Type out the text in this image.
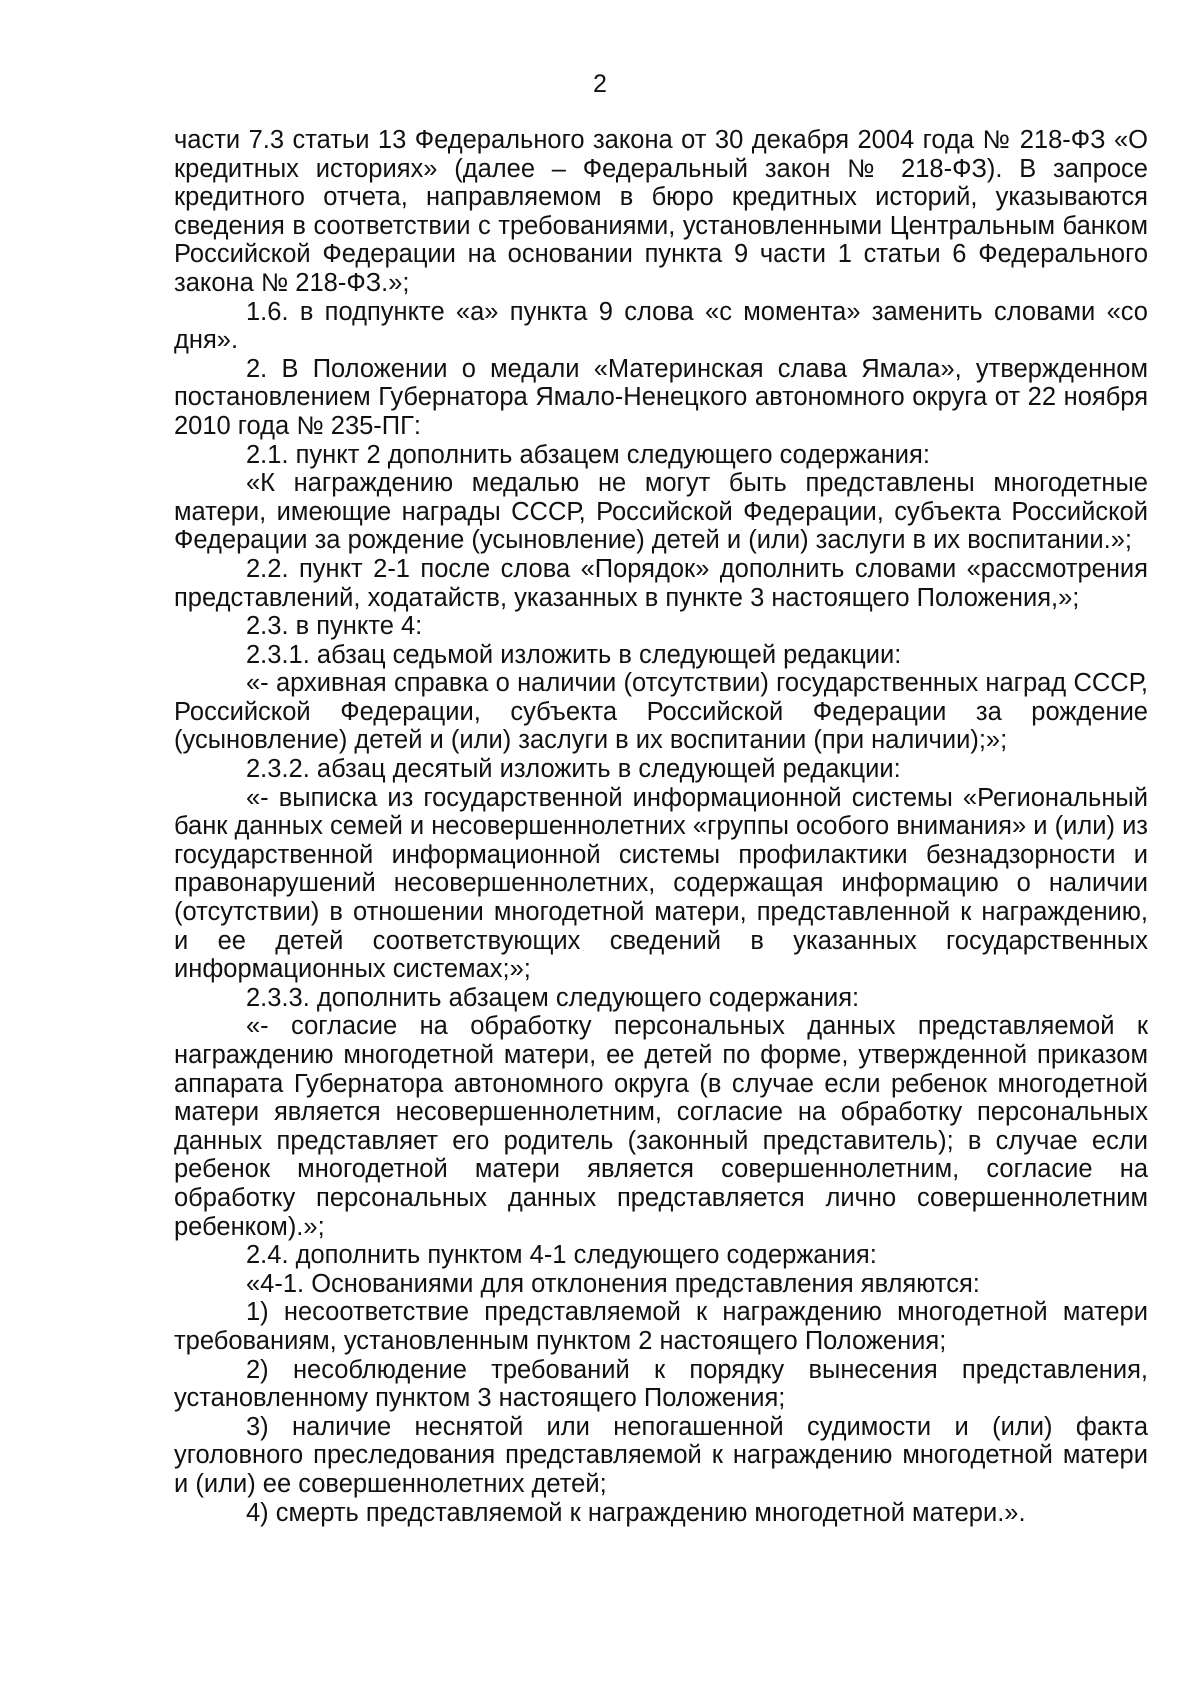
2

части 7.3 статьи 13 Федерального закона от 30 декабря 2004 года № 218-ФЗ «О кредитных историях» (далее – Федеральный закон № 218-ФЗ). В запросе кредитного отчета, направляемом в бюро кредитных историй, указываются сведения в соответствии с требованиями, установленными Центральным банком Российской Федерации на основании пункта 9 части 1 статьи 6 Федерального закона № 218-ФЗ.»;

1.6. в подпункте «а» пункта 9 слова «с момента» заменить словами «со дня».

2. В Положении о медали «Материнская слава Ямала», утвержденном постановлением Губернатора Ямало-Ненецкого автономного округа от 22 ноября 2010 года № 235-ПГ:

2.1. пункт 2 дополнить абзацем следующего содержания:

«К награждению медалью не могут быть представлены многодетные матери, имеющие награды СССР, Российской Федерации, субъекта Российской Федерации за рождение (усыновление) детей и (или) заслуги в их воспитании.»;

2.2. пункт 2-1 после слова «Порядок» дополнить словами «рассмотрения представлений, ходатайств, указанных в пункте 3 настоящего Положения,»;

2.3. в пункте 4:

2.3.1. абзац седьмой изложить в следующей редакции:

«- архивная справка о наличии (отсутствии) государственных наград СССР, Российской Федерации, субъекта Российской Федерации за рождение (усыновление) детей и (или) заслуги в их воспитании (при наличии);»;

2.3.2. абзац десятый изложить в следующей редакции:

«- выписка из государственной информационной системы «Региональный банк данных семей и несовершеннолетних «группы особого внимания» и (или) из государственной информационной системы профилактики безнадзорности и правонарушений несовершеннолетних, содержащая информацию о наличии (отсутствии) в отношении многодетной матери, представленной к награждению, и ее детей соответствующих сведений в указанных государственных информационных системах;»;

2.3.3. дополнить абзацем следующего содержания:

«- согласие на обработку персональных данных представляемой к награждению многодетной матери, ее детей по форме, утвержденной приказом аппарата Губернатора автономного округа (в случае если ребенок многодетной матери является несовершеннолетним, согласие на обработку персональных данных представляет его родитель (законный представитель); в случае если ребенок многодетной матери является совершеннолетним, согласие на обработку персональных данных представляется лично совершеннолетним ребенком).»;

2.4. дополнить пунктом 4-1 следующего содержания:

«4-1. Основаниями для отклонения представления являются:

1) несоответствие представляемой к награждению многодетной матери требованиям, установленным пунктом 2 настоящего Положения;

2) несоблюдение требований к порядку вынесения представления, установленному пунктом 3 настоящего Положения;

3) наличие неснятой или непогашенной судимости и (или) факта уголовного преследования представляемой к награждению многодетной матери и (или) ее совершеннолетних детей;

4) смерть представляемой к награждению многодетной матери.».
